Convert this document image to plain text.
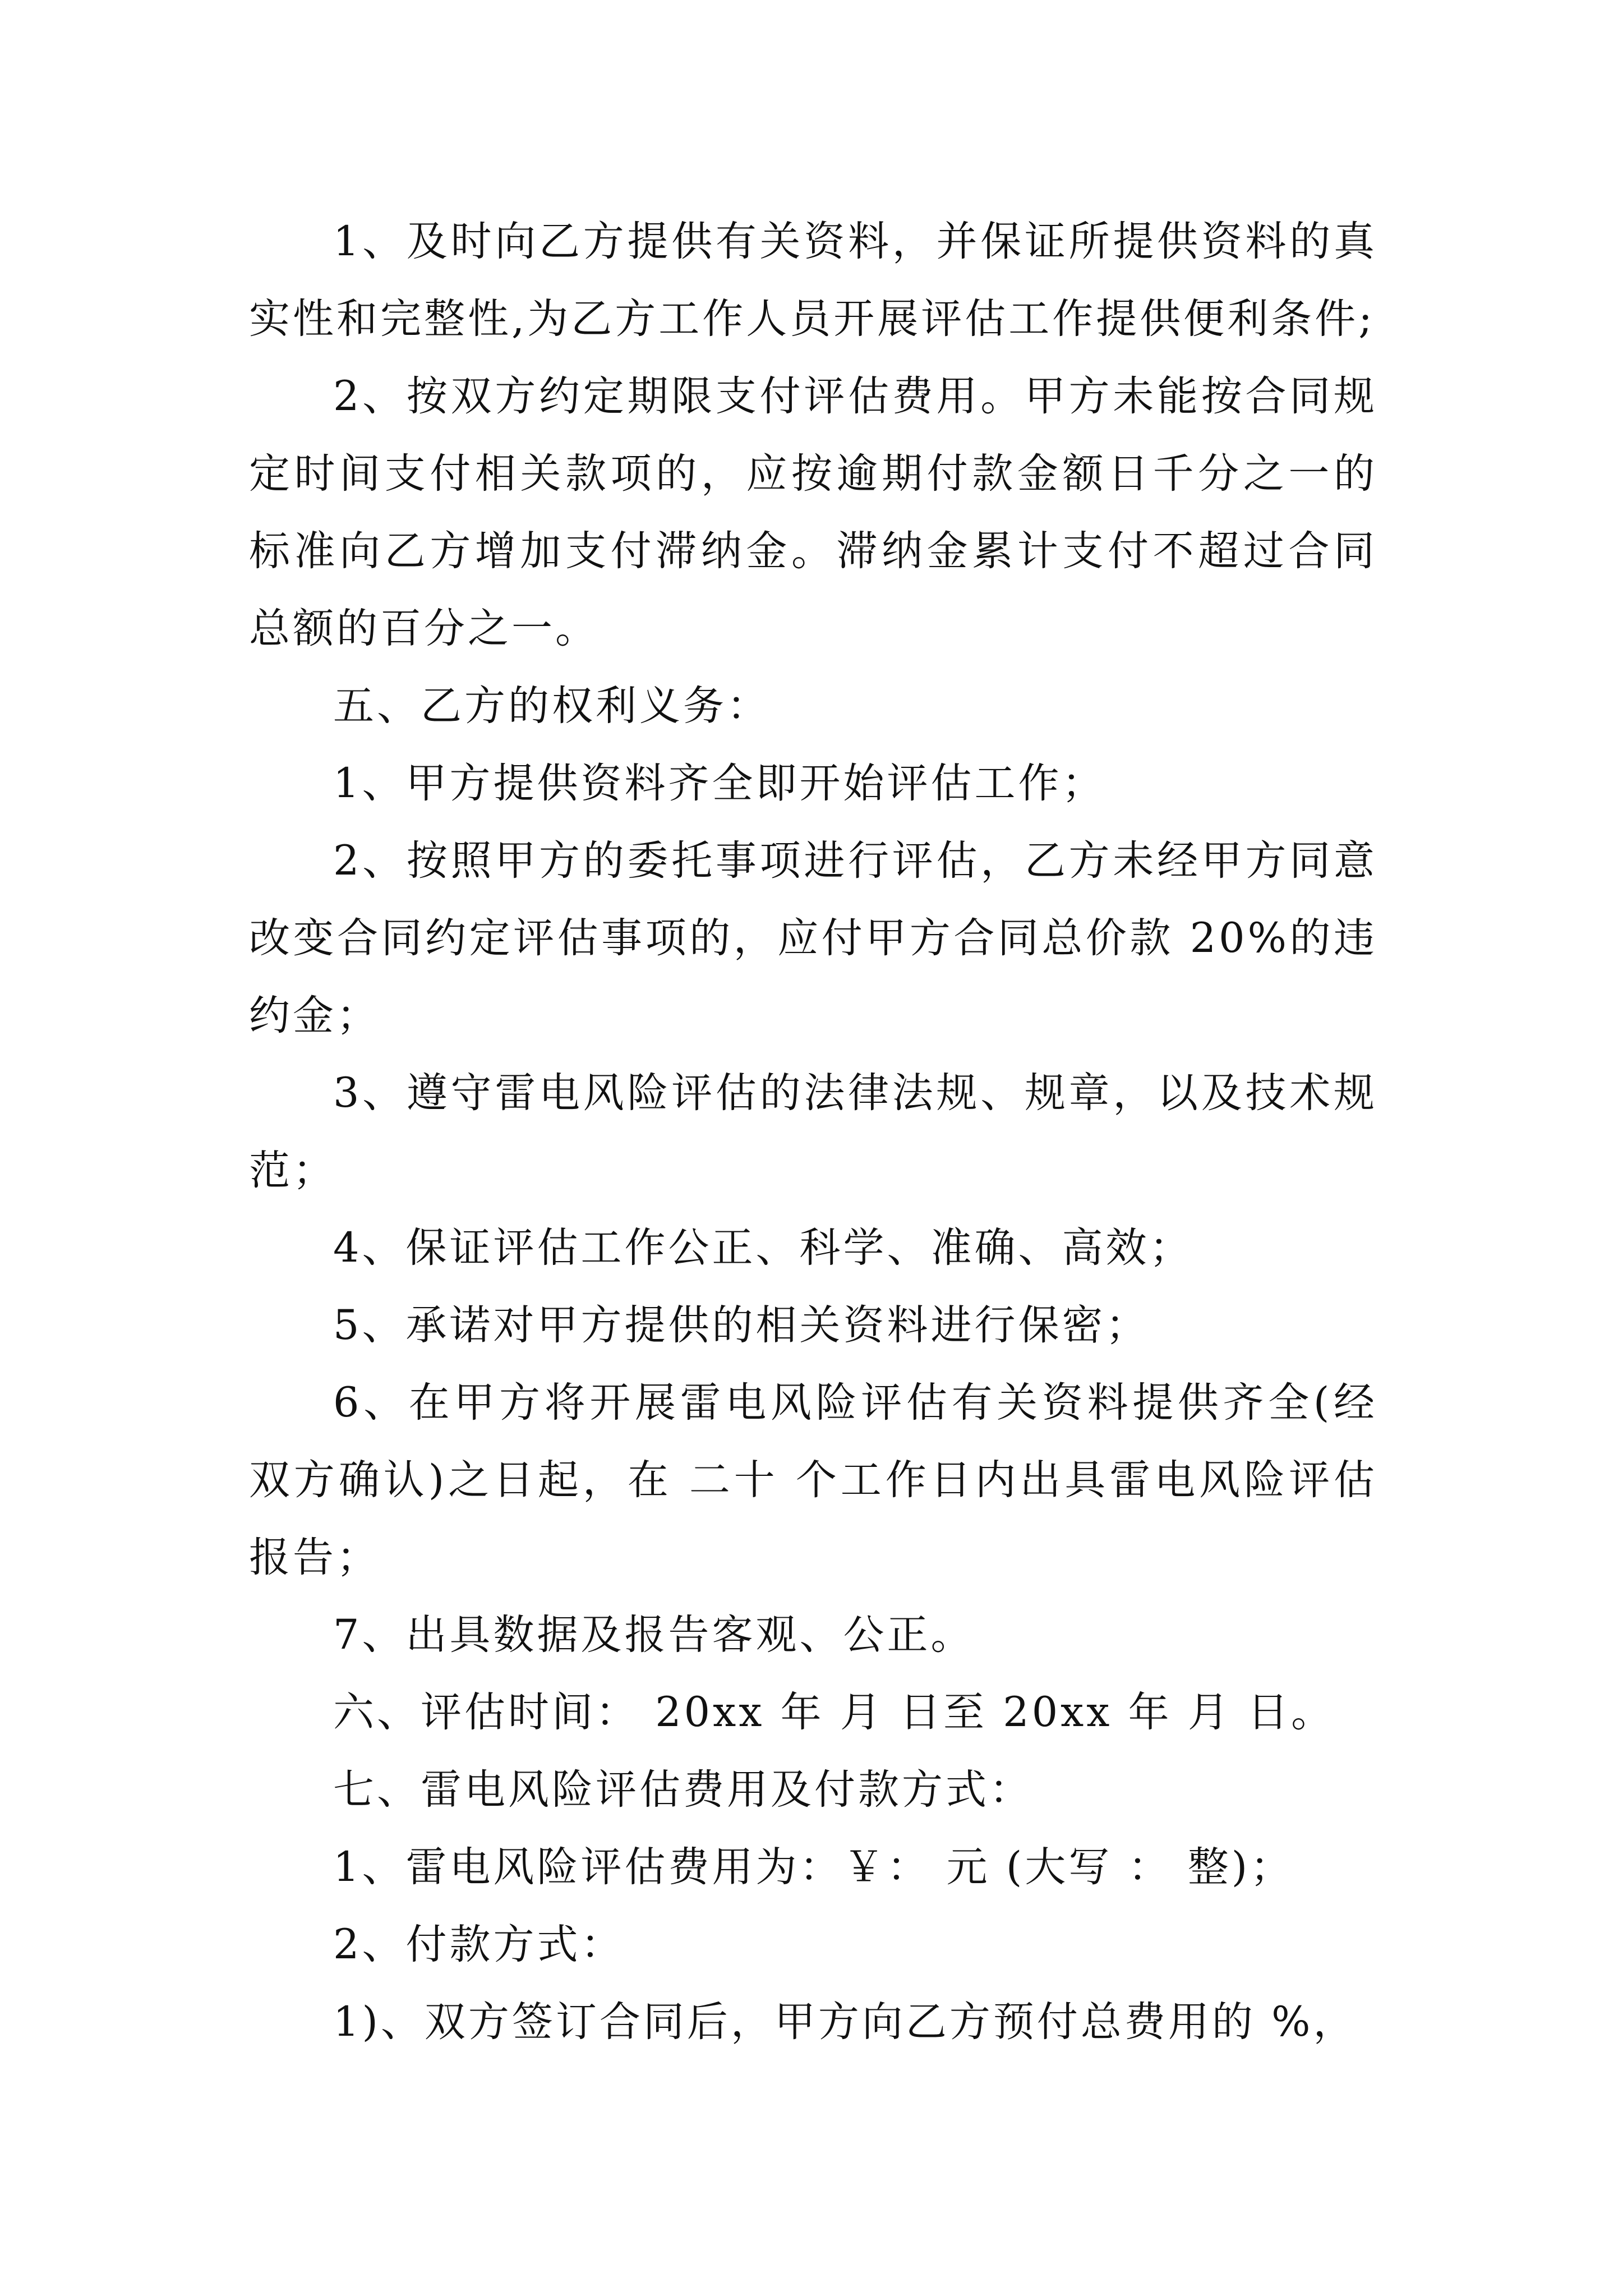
1、及时向乙方提供有关资料，并保证所提供资料的真实性和完整性,为乙方工作人员开展评估工作提供便利条件;

2、按双方约定期限支付评估费用。甲方未能按合同规定时间支付相关款项的，应按逾期付款金额日千分之一的标准向乙方增加支付滞纳金。滞纳金累计支付不超过合同总额的百分之一。

五、乙方的权利义务：

1、甲方提供资料齐全即开始评估工作；

2、按照甲方的委托事项进行评估，乙方未经甲方同意改变合同约定评估事项的，应付甲方合同总价款 20%的违约金；

3、遵守雷电风险评估的法律法规、规章，以及技术规范；

4、保证评估工作公正、科学、准确、高效；

5、承诺对甲方提供的相关资料进行保密；

6、在甲方将开展雷电风险评估有关资料提供齐全(经双方确认)之日起，在 二十 个工作日内出具雷电风险评估报告；

7、出具数据及报告客观、公正。

六、评估时间： 20xx 年 月 日至 20xx 年 月 日。

七、雷电风险评估费用及付款方式：

1、雷电风险评估费用为：￥： 元 (大写 ： 整)；

2、付款方式：

1)、双方签订合同后，甲方向乙方预付总费用的 %，
